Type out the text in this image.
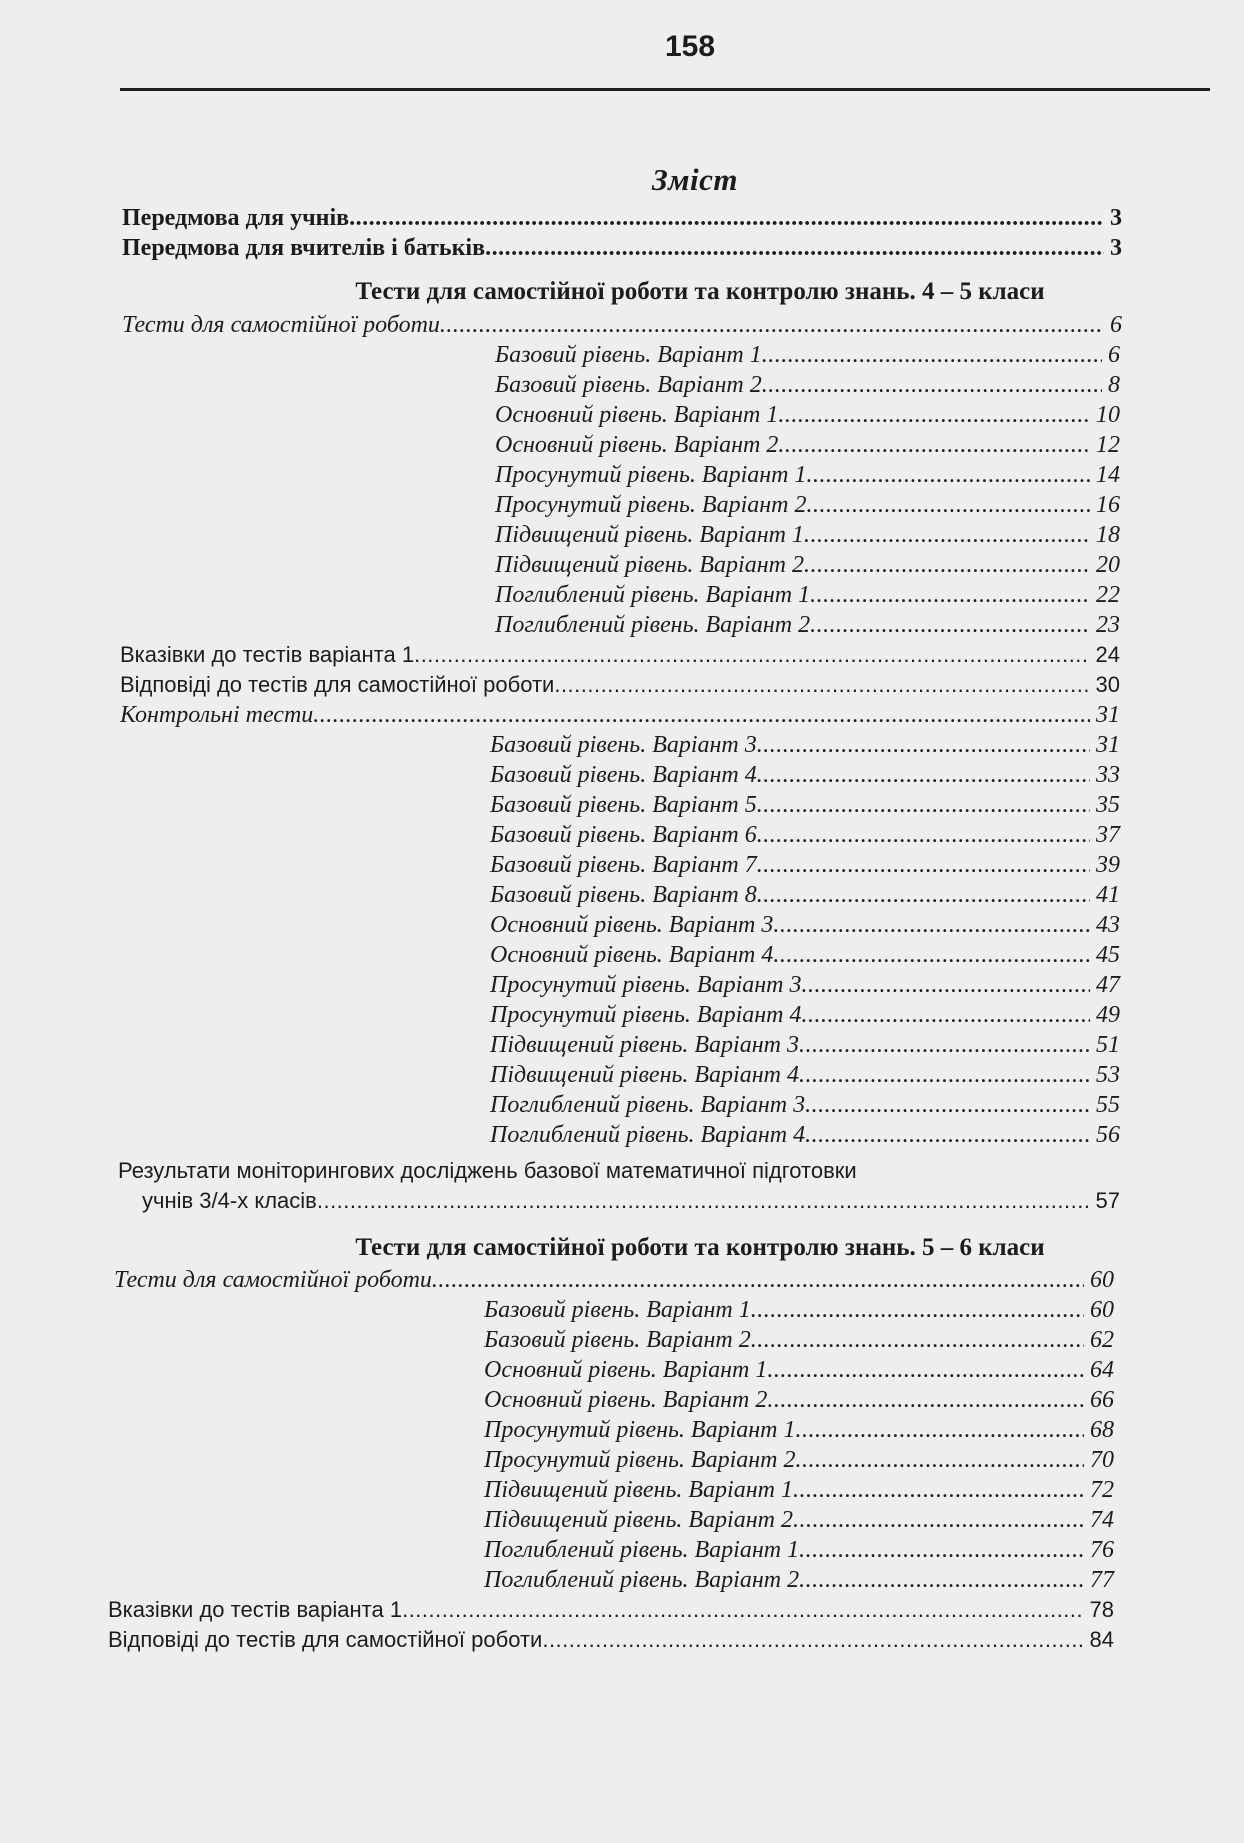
158
Зміст
Передмова для учнів .....	3
Передмова для вчителів і батьків .....	3
Тести для самостійної роботи та контролю знань. 4 – 5 класи
Тести для самостійної роботи .....	6
Базовий рівень. Варіант 1 .....	6
Базовий рівень. Варіант 2 .....	8
Основний рівень. Варіант 1 .....	10
Основний рівень. Варіант 2 .....	12
Просунутий рівень. Варіант 1 .....	14
Просунутий рівень. Варіант 2 .....	16
Підвищений рівень. Варіант 1 .....	18
Підвищений рівень. Варіант 2 .....	20
Поглиблений рівень. Варіант 1 .....	22
Поглиблений рівень. Варіант 2 .....	23
Вказівки до тестів варіанта 1 .....	24
Відповіді до тестів для самостійної роботи .....	30
Контрольні тести .....	31
Базовий рівень. Варіант 3 .....	31
Базовий рівень. Варіант 4 .....	33
Базовий рівень. Варіант 5 .....	35
Базовий рівень. Варіант 6 .....	37
Базовий рівень. Варіант 7 .....	39
Базовий рівень. Варіант 8 .....	41
Основний рівень. Варіант 3 .....	43
Основний рівень. Варіант 4 .....	45
Просунутий рівень. Варіант 3 .....	47
Просунутий рівень. Варіант 4 .....	49
Підвищений рівень. Варіант 3 .....	51
Підвищений рівень. Варіант 4 .....	53
Поглиблений рівень. Варіант 3 .....	55
Поглиблений рівень. Варіант 4 .....	56
Результати моніторингових досліджень базової математичної підготовки
учнів 3/4-х класів .....	57
Тести для самостійної роботи та контролю знань. 5 – 6 класи
Тести для самостійної роботи .....	60
Базовий рівень. Варіант 1 .....	60
Базовий рівень. Варіант 2 .....	62
Основний рівень. Варіант 1 .....	64
Основний рівень. Варіант 2 .....	66
Просунутий рівень. Варіант 1 .....	68
Просунутий рівень. Варіант 2 .....	70
Підвищений рівень. Варіант 1 .....	72
Підвищений рівень. Варіант 2 .....	74
Поглиблений рівень. Варіант 1 .....	76
Поглиблений рівень. Варіант 2 .....	77
Вказівки до тестів варіанта 1 .....	78
Відповіді до тестів для самостійної роботи .....	84
